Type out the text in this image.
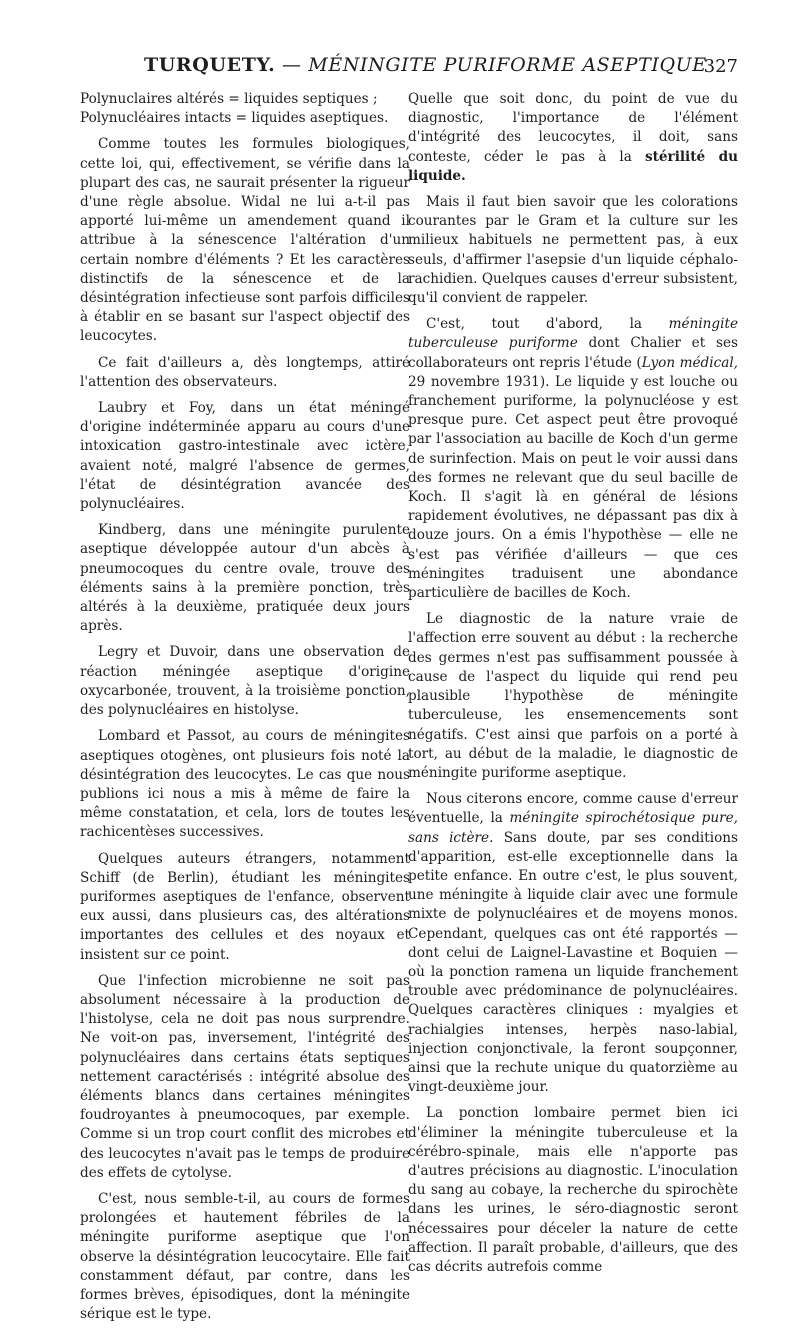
TURQUETY. — MÉNINGITE PURIFORME ASEPTIQUE
327

Polynuclaires altérés = liquides septiques ;

Polynucléaires intacts = liquides aseptiques.

Comme toutes les formules biologiques, cette loi, qui, effectivement, se vérifie dans la plupart des cas, ne saurait présenter la rigueur d'une règle absolue. Widal ne lui a-t-il pas apporté lui-même un amendement quand il attribue à la sénescence l'altération d'un certain nombre d'éléments ? Et les caractères distinctifs de la sénescence et de la désintégration infectieuse sont parfois difficiles à établir en se basant sur l'aspect objectif des leucocytes.

Ce fait d'ailleurs a, dès longtemps, attiré l'attention des observateurs.

Laubry et Foy, dans un état méningé d'origine indéterminée apparu au cours d'une intoxication gastro-intestinale avec ictère, avaient noté, malgré l'absence de germes, l'état de désintégration avancée des polynucléaires.

Kindberg, dans une méningite purulente aseptique développée autour d'un abcès à pneumocoques du centre ovale, trouve des éléments sains à la première ponction, très altérés à la deuxième, pratiquée deux jours après.

Legry et Duvoir, dans une observation de réaction méningée aseptique d'origine oxycarbonée, trouvent, à la troisième ponction, des polynucléaires en histolyse.

Lombard et Passot, au cours de méningites aseptiques otogènes, ont plusieurs fois noté la désintégration des leucocytes. Le cas que nous publions ici nous a mis à même de faire la même constatation, et cela, lors de toutes les rachicentèses successives.

Quelques auteurs étrangers, notamment Schiff (de Berlin), étudiant les méningites puriformes aseptiques de l'enfance, observent eux aussi, dans plusieurs cas, des altérations importantes des cellules et des noyaux et insistent sur ce point.

Que l'infection microbienne ne soit pas absolument nécessaire à la production de l'histolyse, cela ne doit pas nous surprendre. Ne voit-on pas, inversement, l'intégrité des polynucléaires dans certains états septiques nettement caractérisés : intégrité absolue des éléments blancs dans certaines méningites foudroyantes à pneumocoques, par exemple. Comme si un trop court conflit des microbes et des leucocytes n'avait pas le temps de produire des effets de cytolyse.

C'est, nous semble-t-il, au cours de formes prolongées et hautement fébriles de la méningite puriforme aseptique que l'on observe la désintégration leucocytaire. Elle fait constamment défaut, par contre, dans les formes brèves, épisodiques, dont la méningite sérique est le type.

Quelle que soit donc, du point de vue du diagnostic, l'importance de l'élément d'intégrité des leucocytes, il doit, sans conteste, céder le pas à la stérilité du liquide.

Mais il faut bien savoir que les colorations courantes par le Gram et la culture sur les milieux habituels ne permettent pas, à eux seuls, d'affirmer l'asepsie d'un liquide céphalo-rachidien. Quelques causes d'erreur subsistent, qu'il convient de rappeler.

C'est, tout d'abord, la méningite tuberculeuse puriforme dont Chalier et ses collaborateurs ont repris l'étude (Lyon médical, 29 novembre 1931). Le liquide y est louche ou franchement puriforme, la polynucléose y est presque pure. Cet aspect peut être provoqué par l'association au bacille de Koch d'un germe de surinfection. Mais on peut le voir aussi dans des formes ne relevant que du seul bacille de Koch. Il s'agit là en général de lésions rapidement évolutives, ne dépassant pas dix à douze jours. On a émis l'hypothèse — elle ne s'est pas vérifiée d'ailleurs — que ces méningites traduisent une abondance particulière de bacilles de Koch.

Le diagnostic de la nature vraie de l'affection erre souvent au début : la recherche des germes n'est pas suffisamment poussée à cause de l'aspect du liquide qui rend peu plausible l'hypothèse de méningite tuberculeuse, les ensemencements sont négatifs. C'est ainsi que parfois on a porté à tort, au début de la maladie, le diagnostic de méningite puriforme aseptique.

Nous citerons encore, comme cause d'erreur éventuelle, la méningite spirochétosique pure, sans ictère. Sans doute, par ses conditions d'apparition, est-elle exceptionnelle dans la petite enfance. En outre c'est, le plus souvent, une méningite à liquide clair avec une formule mixte de polynucléaires et de moyens monos. Cependant, quelques cas ont été rapportés — dont celui de Laignel-Lavastine et Boquien — où la ponction ramena un liquide franchement trouble avec prédominance de polynucléaires. Quelques caractères cliniques : myalgies et rachialgies intenses, herpès naso-labial, injection conjonctivale, la feront soupçonner, ainsi que la rechute unique du quatorzième au vingt-deuxième jour.

La ponction lombaire permet bien ici d'éliminer la méningite tuberculeuse et la cérébro-spinale, mais elle n'apporte pas d'autres précisions au diagnostic. L'inoculation du sang au cobaye, la recherche du spirochète dans les urines, le séro-diagnostic seront nécessaires pour déceler la nature de cette affection. Il paraît probable, d'ailleurs, que des cas décrits autrefois comme
